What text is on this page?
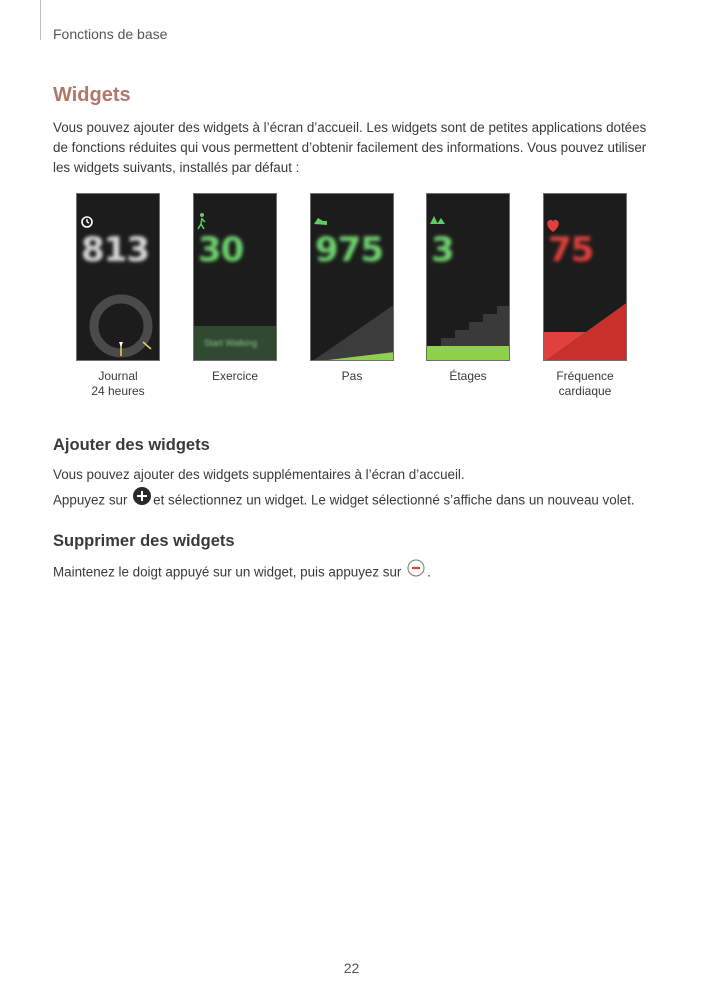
Fonctions de base
Widgets
Vous pouvez ajouter des widgets à l’écran d’accueil. Les widgets sont de petites applications dotées de fonctions réduites qui vous permettent d’obtenir facilement des informations. Vous pouvez utiliser les widgets suivants, installés par défaut :
813
Journal
24 heures
30
Start Walking
Exercice
975
Pas
3
Étages
75
Fréquence
cardiaque
Ajouter des widgets
Vous pouvez ajouter des widgets supplémentaires à l’écran d’accueil.
Appuyez sur et sélectionnez un widget. Le widget sélectionné s’affiche dans un nouveau volet.
Supprimer des widgets
Maintenez le doigt appuyé sur un widget, puis appuyez sur .
22
